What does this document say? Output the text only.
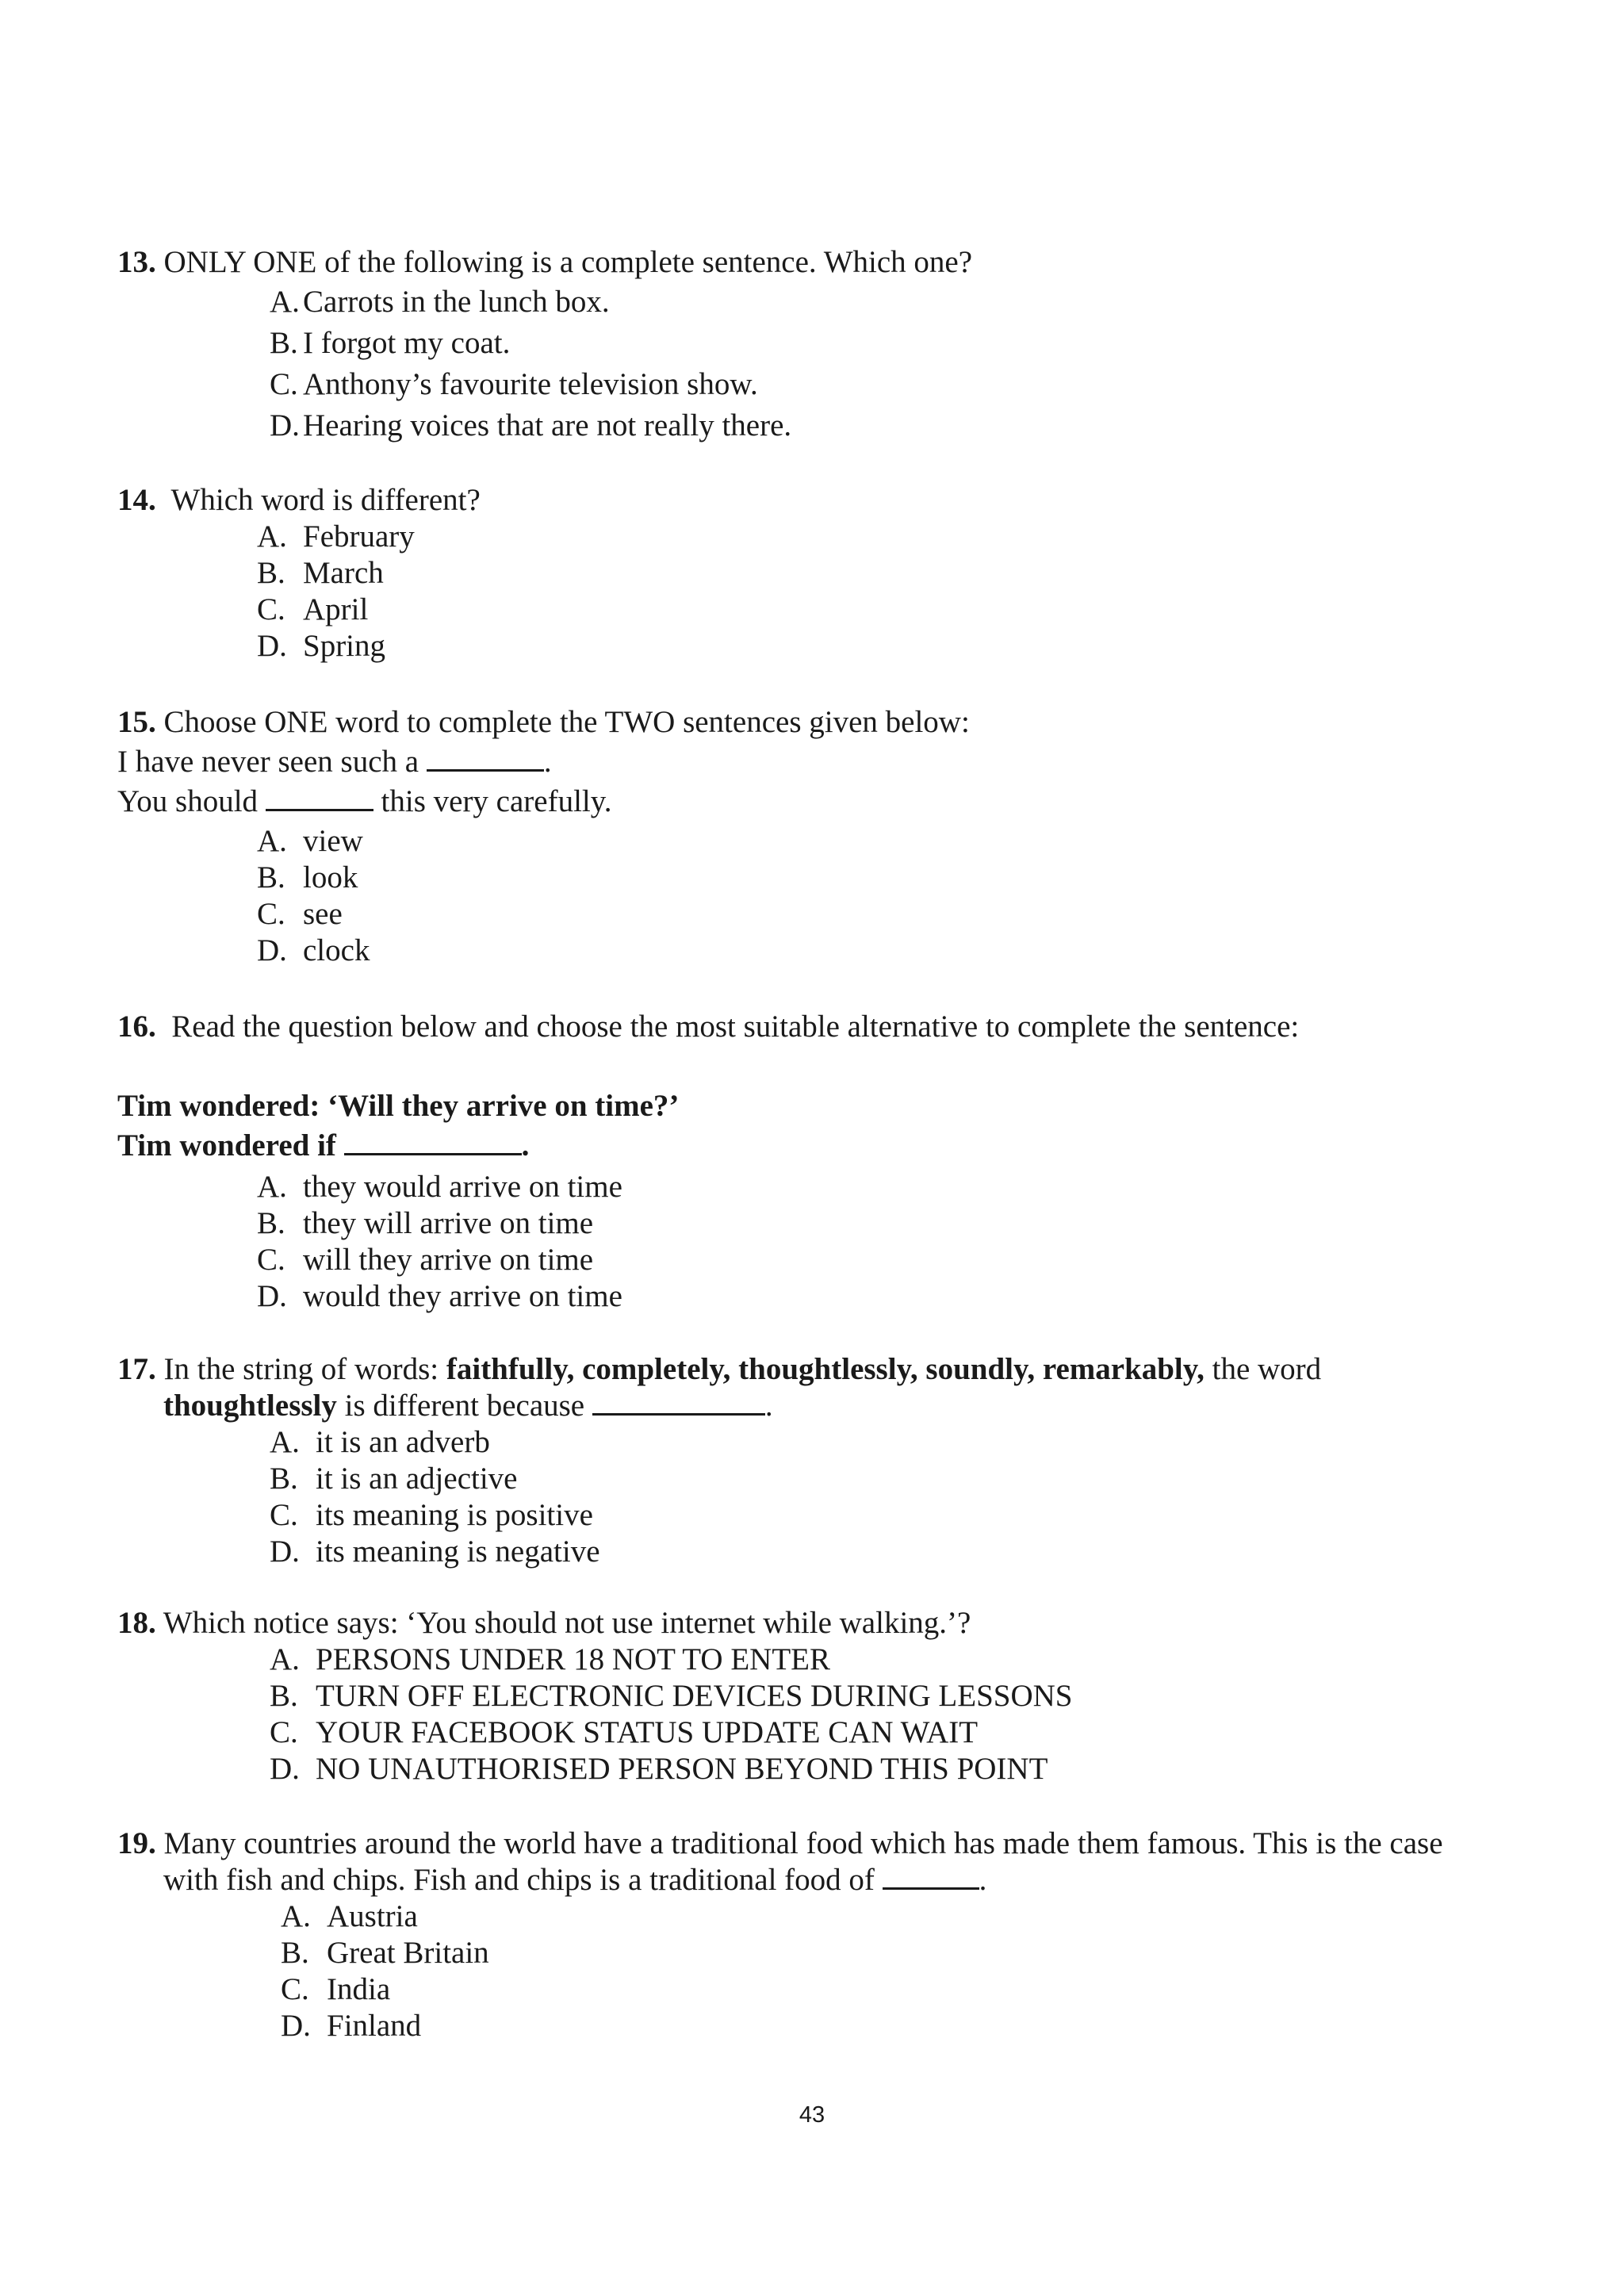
13. ONLY ONE of the following is a complete sentence. Which one?
A. Carrots in the lunch box.
B. I forgot my coat.
C. Anthony’s favourite television show.
D. Hearing voices that are not really there.
14. Which word is different?
A. February
B. March
C. April
D. Spring
15. Choose ONE word to complete the TWO sentences given below:
I have never seen such a	.
You should	this very carefully.
A. view
B. look
C. see
D. clock
16. Read the question below and choose the most suitable alternative to complete the sentence:
Tim wondered: ‘Will they arrive on time?’
Tim wondered if	.
A. they would arrive on time
B. they will arrive on time
C. will they arrive on time
D. would they arrive on time
17. In the string of words: faithfully, completely, thoughtlessly, soundly, remarkably, the word
thoughtlessly is different because	.
A. it is an adverb
B. it is an adjective
C. its meaning is positive
D. its meaning is negative
18. Which notice says: ‘You should not use internet while walking.’?
A. PERSONS UNDER 18 NOT TO ENTER
B. TURN OFF ELECTRONIC DEVICES DURING LESSONS
C. YOUR FACEBOOK STATUS UPDATE CAN WAIT
D. NO UNAUTHORISED PERSON BEYOND THIS POINT
19. Many countries around the world have a traditional food which has made them famous. This is the case
with fish and chips. Fish and chips is a traditional food of	.
A. Austria
B. Great Britain
C. India
D. Finland
43
